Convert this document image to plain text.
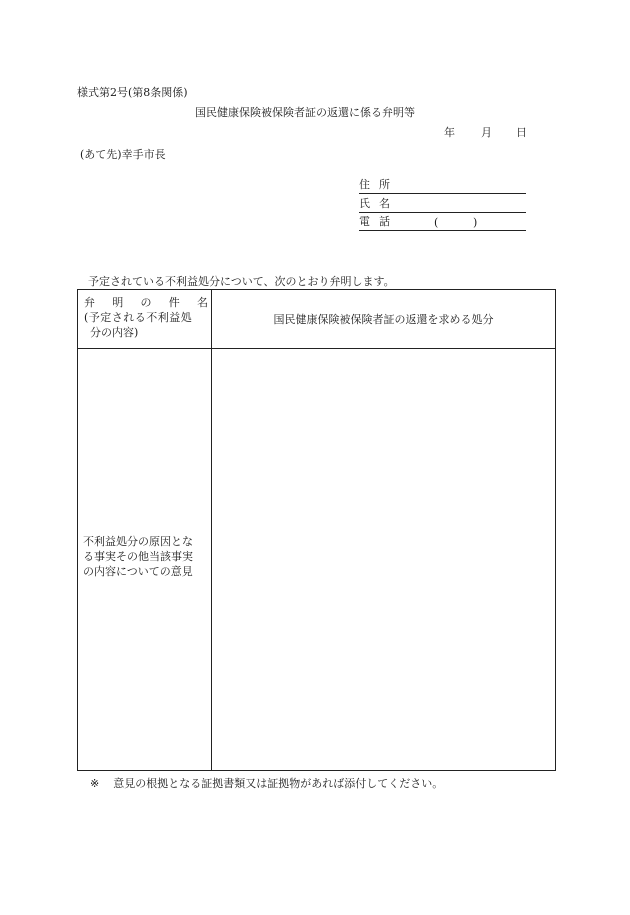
様式第2号(第8条関係)
国民健康保険被保険者証の返還に係る弁明等
年 月 日
(あて先)幸手市長
住所
氏名
電話	(	)
予定されている不利益処分について、次のとおり弁明します。
弁 明 の 件 名
(予定される不利益処
分の内容)
国民健康保険被保険者証の返還を求める処分
不利益処分の原因とな
る事実その他当該事実
の内容についての意見
※ 意見の根拠となる証拠書類又は証拠物があれば添付してください。
